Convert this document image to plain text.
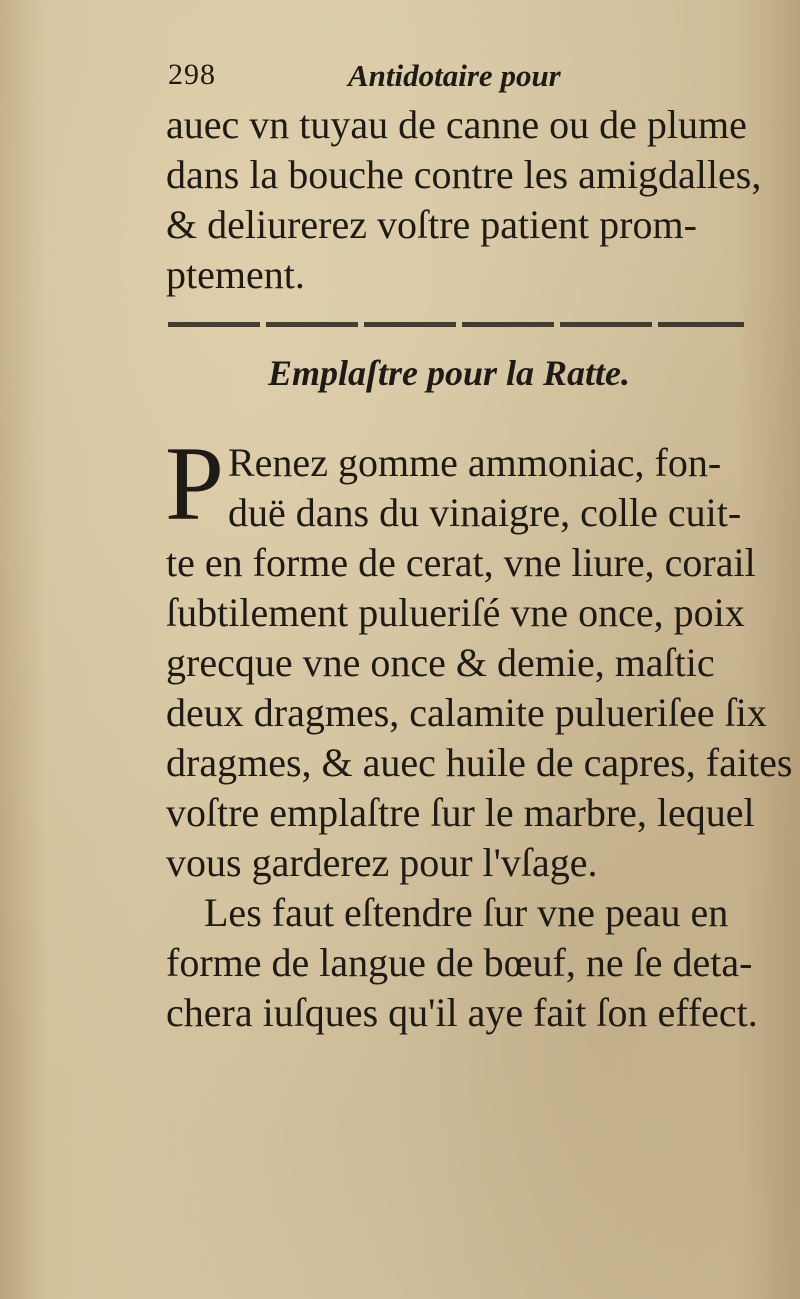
298	Antidotaire pour
auec vn tuyau de canne ou de plume
dans la bouche contre les amigdalles,
& deliurerez voſtre patient prom-
ptement.
Emplaſtre pour la Ratte.
P Renez gomme ammoniac, fon-
duë dans du vinaigre, colle cuit-
te en forme de cerat, vne liure, corail
ſubtilement pulueriſé vne once, poix
grecque vne once & demie, maſtic
deux dragmes, calamite pulueriſee ſix
dragmes, & auec huile de capres, faites
voſtre emplaſtre ſur le marbre, lequel
vous garderez pour l'vſage.
Les faut eſtendre ſur vne peau en
forme de langue de bœuf, ne ſe deta-
chera iuſques qu'il aye fait ſon effect.
